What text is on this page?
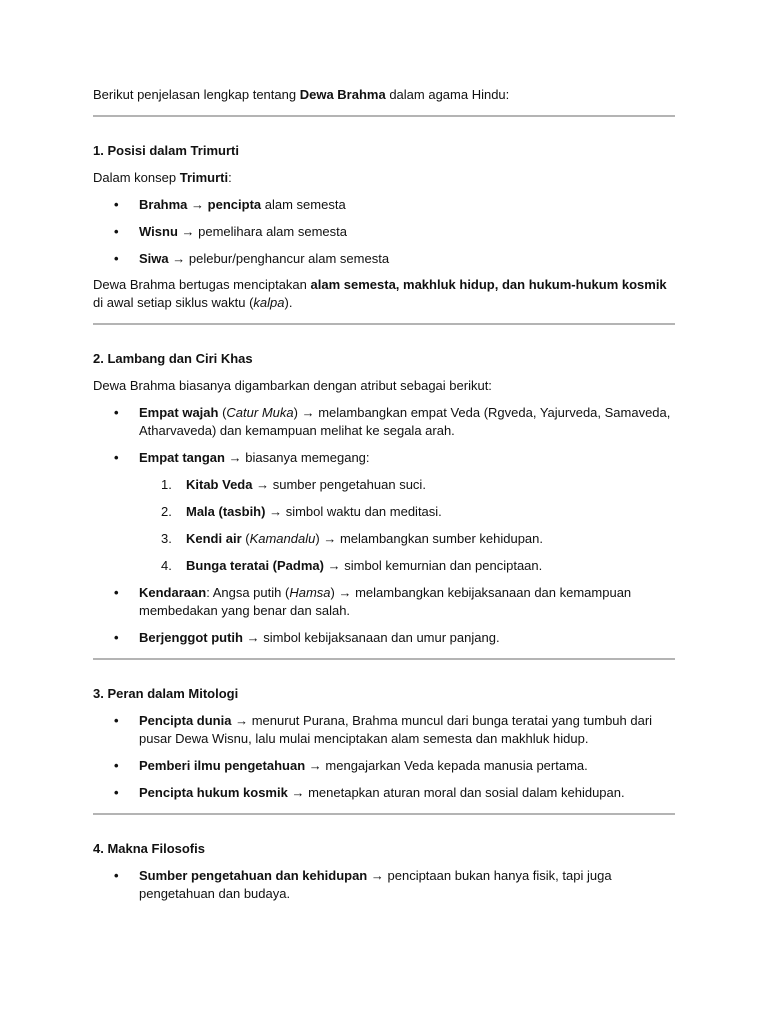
Berikut penjelasan lengkap tentang Dewa Brahma dalam agama Hindu:

1. Posisi dalam Trimurti

Dalam konsep Trimurti:

• Brahma → pencipta alam semesta
• Wisnu → pemelihara alam semesta
• Siwa → pelebur/penghancur alam semesta

Dewa Brahma bertugas menciptakan alam semesta, makhluk hidup, dan hukum-hukum kosmik di awal setiap siklus waktu (kalpa).

2. Lambang dan Ciri Khas

Dewa Brahma biasanya digambarkan dengan atribut sebagai berikut:

• Empat wajah (Catur Muka) → melambangkan empat Veda (Rgveda, Yajurveda, Samaveda, Atharvaveda) dan kemampuan melihat ke segala arah.
• Empat tangan → biasanya memegang:
1. Kitab Veda → sumber pengetahuan suci.
2. Mala (tasbih) → simbol waktu dan meditasi.
3. Kendi air (Kamandalu) → melambangkan sumber kehidupan.
4. Bunga teratai (Padma) → simbol kemurnian dan penciptaan.
• Kendaraan: Angsa putih (Hamsa) → melambangkan kebijaksanaan dan kemampuan membedakan yang benar dan salah.
• Berjenggot putih → simbol kebijaksanaan dan umur panjang.

3. Peran dalam Mitologi

• Pencipta dunia → menurut Purana, Brahma muncul dari bunga teratai yang tumbuh dari pusar Dewa Wisnu, lalu mulai menciptakan alam semesta dan makhluk hidup.
• Pemberi ilmu pengetahuan → mengajarkan Veda kepada manusia pertama.
• Pencipta hukum kosmik → menetapkan aturan moral dan sosial dalam kehidupan.

4. Makna Filosofis

• Sumber pengetahuan dan kehidupan → penciptaan bukan hanya fisik, tapi juga pengetahuan dan budaya.
